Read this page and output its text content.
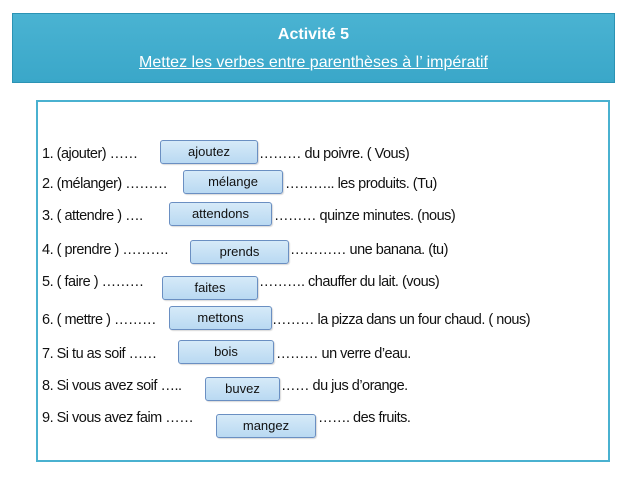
Activité 5
Mettez les verbes entre parenthèses à l’ impératif
1. (ajouter) ……	……… du poivre. ( Vous)
ajoutez
2. (mélanger) ………	……….. les produits. (Tu)
mélange
3. ( attendre ) ….	……… quinze minutes. (nous)
attendons
4. ( prendre ) ……….	………… une banana. (tu)
prends
5. ( faire ) ………	………. chauffer du lait. (vous)
faites
6. ( mettre ) ………	……… la pizza dans un four chaud. ( nous)
mettons
7. Si tu as soif ……	……… un verre d’eau.
bois
8. Si vous avez soif …..	…… du jus d’orange.
buvez
9. Si vous avez faim ……	……. des fruits.
mangez
